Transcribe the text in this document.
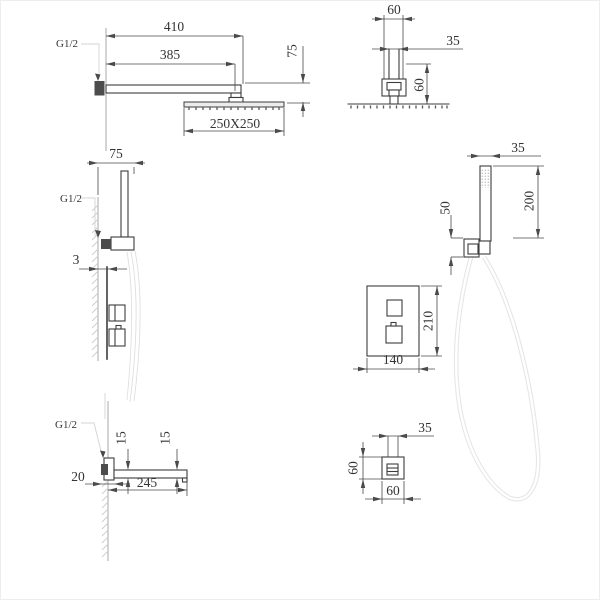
G1/2
410
385	75
250X250
60
35
60
G1/2
75
3
35
200
50
210
140
G1/2
15 15
20	245
35
60
60
